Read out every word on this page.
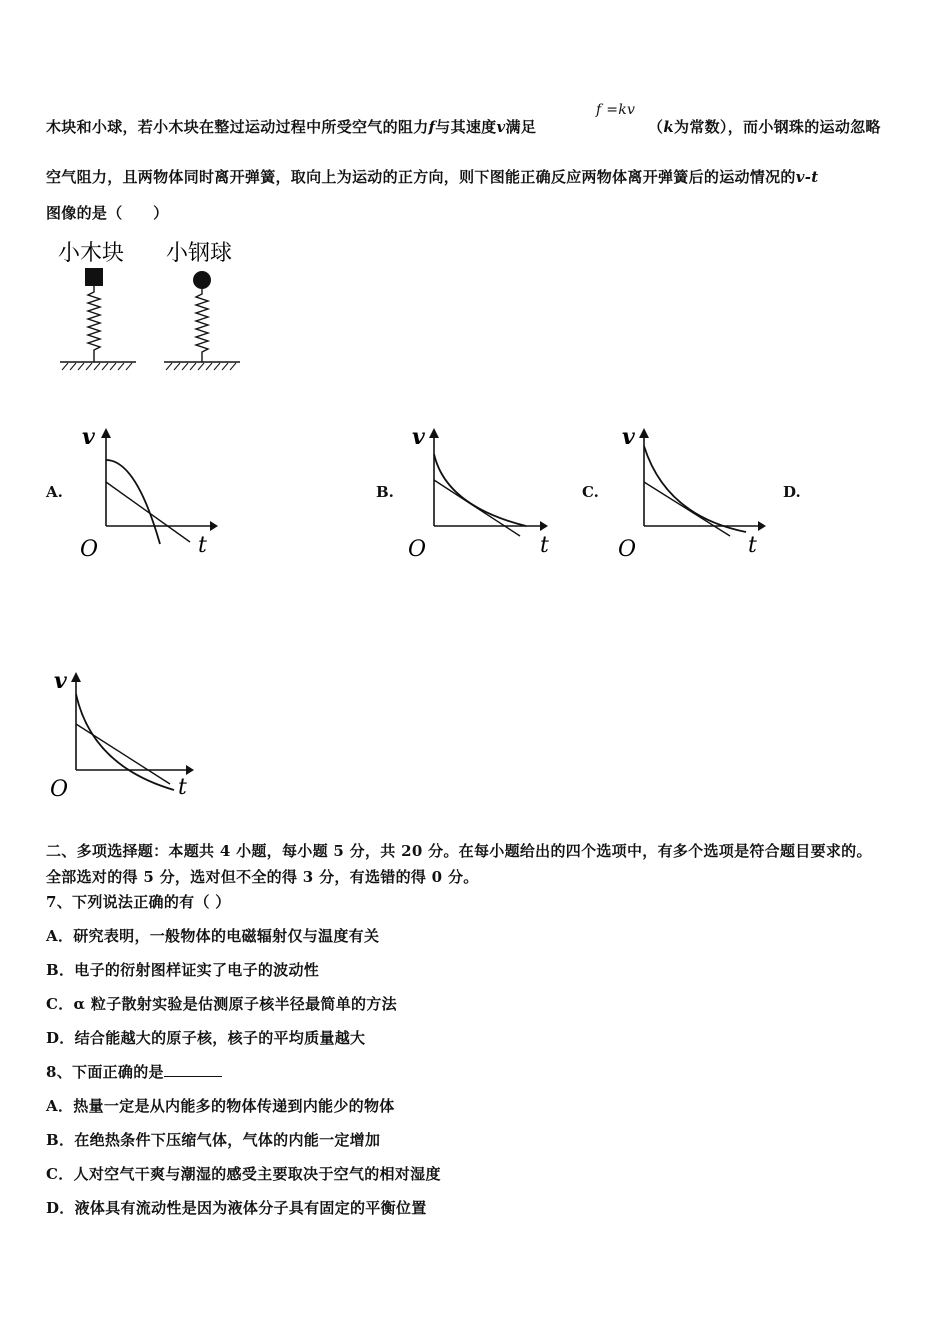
木块和小球，若小木块在整过运动过程中所受空气的阻力f与其速度v满足
f =kv
（k为常数），而小钢珠的运动忽略
空气阻力，且两物体同时离开弹簧，取向上为运动的正方向，则下图能正确反应两物体离开弹簧后的运动情况的v-t
图像的是（　　）
小木块 小钢球
A.	B.	C.	D.
v
t
O
v
t
O
v
t
O
v
t
O
二、多项选择题：本题共 4 小题，每小题 5 分，共 20 分。在每小题给出的四个选项中，有多个选项是符合题目要求的。
全部选对的得 5 分，选对但不全的得 3 分，有选错的得 0 分。
7、下列说法正确的有（ ）
A．研究表明，一般物体的电磁辐射仅与温度有关
B．电子的衍射图样证实了电子的波动性
C．α 粒子散射实验是估测原子核半径最简单的方法
D．结合能越大的原子核，核子的平均质量越大
8、下面正确的是
A．热量一定是从内能多的物体传递到内能少的物体
B．在绝热条件下压缩气体，气体的内能一定增加
C．人对空气干爽与潮湿的感受主要取决于空气的相对湿度
D．液体具有流动性是因为液体分子具有固定的平衡位置
